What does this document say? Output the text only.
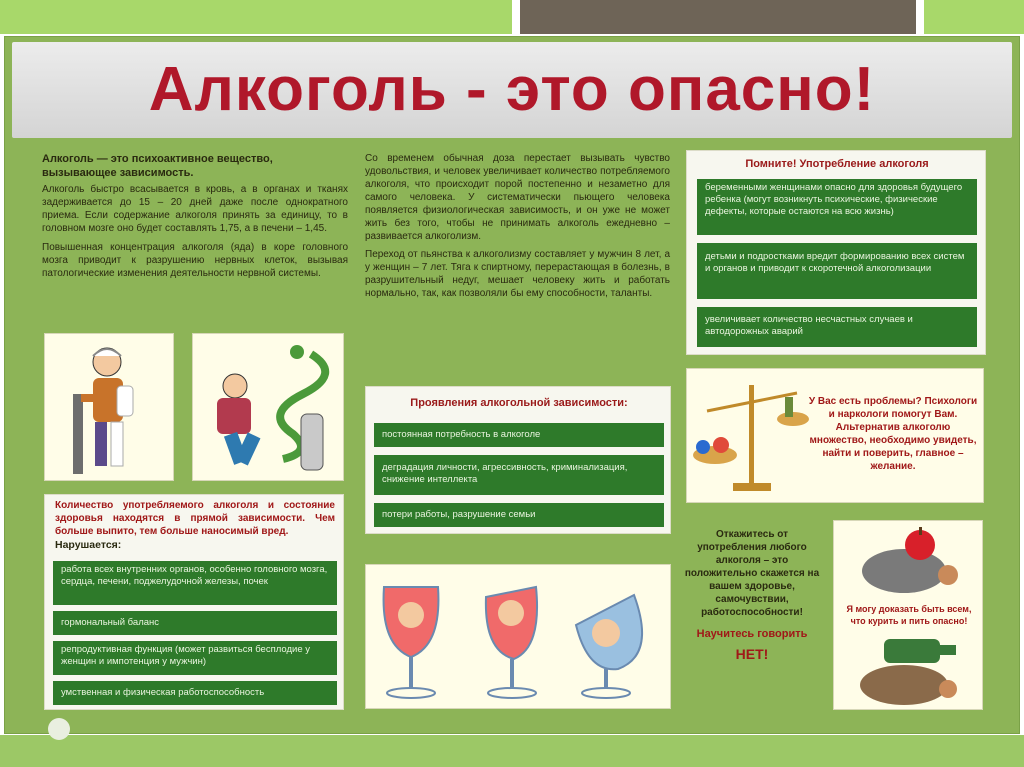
Алкоголь - это опасно!
Алкоголь — это психоактивное вещество, вызывающее зависимость.
Алкоголь быстро всасывается в кровь, а в органах и тканях задерживается до 15 – 20 дней даже после однократного приема. Если содержание алкоголя принять за единицу, то в головном мозге оно будет составлять 1,75, а в печени – 1,45.
Повышенная концентрация алкоголя (яда) в коре головного мозга приводит к разрушению нервных клеток, вызывая патологические изменения деятельности нервной системы.
Со временем обычная доза перестает вызывать чувство удовольствия, и человек увеличивает количество потребляемого алкоголя, что происходит порой постепенно и незаметно для самого человека. У систематически пьющего человека появляется физиологическая зависимость, и он уже не может жить без того, чтобы не принимать алкоголь ежедневно – развивается алкоголизм.
Переход от пьянства к алкоголизму составляет у мужчин 8 лет, а у женщин – 7 лет. Тяга к спиртному, перерастающая в болезнь, в разрушительный недуг, мешает человеку жить и работать нормально, так, как позволяли бы ему способности, таланты.
Помните! Употребление алкоголя
беременными женщинами опасно для здоровья будущего ребенка (могут возникнуть психические, физические дефекты, которые остаются на всю жизнь)
детьми и подростками вредит формированию всех систем и органов и приводит к скоротечной алкоголизации
увеличивает количество несчастных случаев и автодорожных аварий
Проявления алкогольной зависимости:
постоянная потребность в алкоголе
деградация личности, агрессивность, криминализация, снижение интеллекта
потери работы, разрушение семьи
У Вас есть проблемы? Психологи и наркологи помогут Вам. Альтернатив алкоголю множество, необходимо увидеть, найти и поверить, главное – желание.
Количество употребляемого алкоголя и состояние здоровья находятся в прямой зависимости. Чем больше выпито, тем больше наносимый вред.
Нарушается:
работа всех внутренних органов, особенно головного мозга, сердца, печени, поджелудочной железы, почек
гормональный баланс
репродуктивная функция (может развиться бесплодие у женщин и импотенция у мужчин)
умственная и физическая работоспособность
Откажитесь от употребления любого алкоголя – это положительно скажется на вашем здоровье, самочувствии, работоспособности!
Научитесь говорить
НЕТ!
Я могу доказать быть всем, что курить и пить опасно!
